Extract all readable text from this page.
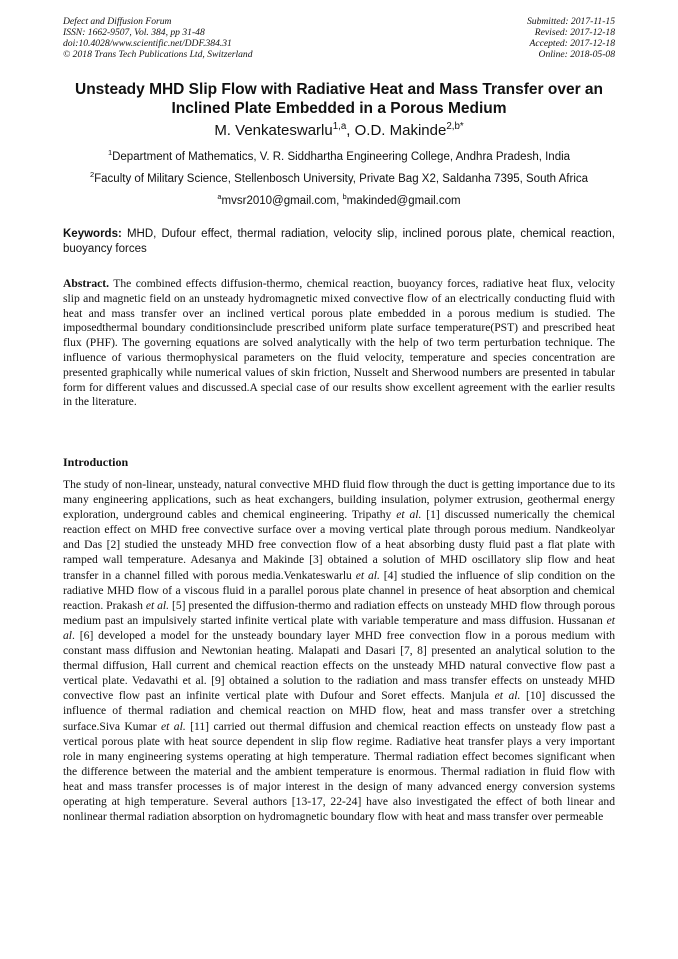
Defect and Diffusion Forum
ISSN: 1662-9507, Vol. 384, pp 31-48
doi:10.4028/www.scientific.net/DDF.384.31
© 2018 Trans Tech Publications Ltd, Switzerland
Submitted: 2017-11-15
Revised: 2017-12-18
Accepted: 2017-12-18
Online: 2018-05-08
Unsteady MHD Slip Flow with Radiative Heat and Mass Transfer over an
Inclined Plate Embedded in a Porous Medium
M. Venkateswarlu$^{1,a}$, O.D. Makinde$^{2,b*}$
$^1$Department of Mathematics, V. R. Siddhartha Engineering College, Andhra Pradesh, India
$^2$Faculty of Military Science, Stellenbosch University, Private Bag X2, Saldanha 7395, South Africa
$^a$mvsr2010@gmail.com, $^b$makinded@gmail.com
Keywords: MHD, Dufour effect, thermal radiation, velocity slip, inclined porous plate, chemical reaction, buoyancy forces
Abstract. The combined effects diffusion-thermo, chemical reaction, buoyancy forces, radiative heat flux, velocity slip and magnetic field on an unsteady hydromagnetic mixed convective flow of an electrically conducting fluid with heat and mass transfer over an inclined vertical porous plate embedded in a porous medium is studied. The imposedthermal boundary conditionsinclude prescribed uniform plate surface temperature(PST) and prescribed heat flux (PHF). The governing equations are solved analytically with the help of two term perturbation technique. The influence of various thermophysical parameters on the fluid velocity, temperature and species concentration are presented graphically while numerical values of skin friction, Nusselt and Sherwood numbers are presented in tabular form for different values and discussed.A special case of our results show excellent agreement with the earlier results in the literature.
Introduction
The study of non-linear, unsteady, natural convective MHD fluid flow through the duct is getting importance due to its many engineering applications, such as heat exchangers, building insulation, polymer extrusion, geothermal energy exploration, underground cables and chemical engineering. Tripathy et al. [1] discussed numerically the chemical reaction effect on MHD free convective surface over a moving vertical plate through porous medium. Nandkeolyar and Das [2] studied the unsteady MHD free convection flow of a heat absorbing dusty fluid past a flat plate with ramped wall temperature. Adesanya and Makinde [3] obtained a solution of MHD oscillatory slip flow and heat transfer in a channel filled with porous media.Venkateswarlu et al. [4] studied the influence of slip condition on the radiative MHD flow of a viscous fluid in a parallel porous plate channel in presence of heat absorption and chemical reaction. Prakash et al. [5] presented the diffusion-thermo and radiation effects on unsteady MHD flow through porous medium past an impulsively started infinite vertical plate with variable temperature and mass diffusion. Hussanan et al. [6] developed a model for the unsteady boundary layer MHD free convection flow in a porous medium with constant mass diffusion and Newtonian heating. Malapati and Dasari [7, 8] presented an analytical solution to the thermal diffusion, Hall current and chemical reaction effects on the unsteady MHD natural convective flow past a vertical plate. Vedavathi et al. [9] obtained a solution to the radiation and mass transfer effects on unsteady MHD convective flow past an infinite vertical plate with Dufour and Soret effects. Manjula et al. [10] discussed the influence of thermal radiation and chemical reaction on MHD flow, heat and mass transfer over a stretching surface.Siva Kumar et al. [11] carried out thermal diffusion and chemical reaction effects on unsteady flow past a vertical porous plate with heat source dependent in slip flow regime. Radiative heat transfer plays a very important role in many engineering systems operating at high temperature. Thermal radiation effect becomes significant when the difference between the material and the ambient temperature is enormous. Thermal radiation in fluid flow with heat and mass transfer processes is of major interest in the design of many advanced energy conversion systems operating at high temperature. Several authors [13-17, 22-24] have also investigated the effect of both linear and nonlinear thermal radiation absorption on hydromagnetic boundary flow with heat and mass transfer over permeable
